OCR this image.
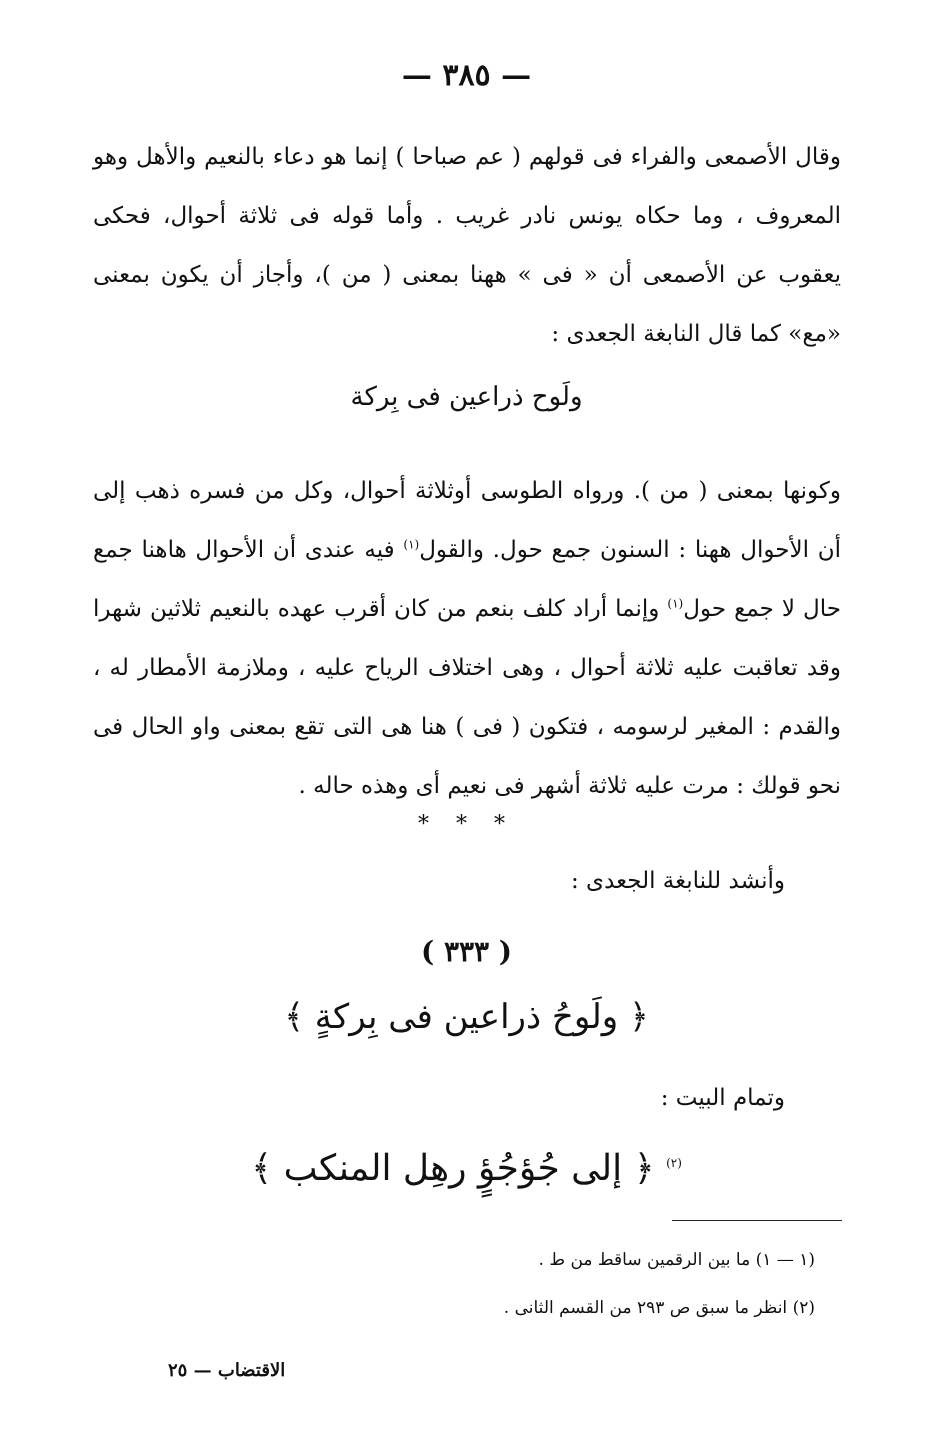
— ٣٨٥ —
وقال الأصمعى والفراء فى قولهم ( عم صباحا ) إنما هو دعاء بالنعيم والأهل وهو المعروف ، وما حكاه يونس نادر غريب . وأما قوله فى ثلاثة أحوال، فحكى يعقوب عن الأصمعى أن « فى » ههنا بمعنى ( من )، وأجاز أن يكون بمعنى «مع» كما قال النابغة الجعدى :
ولَوح ذراعين فى بِركة
وكونها بمعنى ( من ). ورواه الطوسى أوثلاثة أحوال، وكل من فسره ذهب إلى أن الأحوال ههنا : السنون جمع حول. والقول$^{(١)}$ فيه عندى أن الأحوال هاهنا جمع حال لا جمع حول$^{(١)}$ وإنما أراد كلف بنعم من كان أقرب عهده بالنعيم ثلاثين شهرا وقد تعاقبت عليه ثلاثة أحوال ، وهى اختلاف الرياح عليه ، وملازمة الأمطار له ، والقدم : المغير لرسومه ، فتكون ( فى ) هنا هى التى تقع بمعنى واو الحال فى نحو قولك : مرت عليه ثلاثة أشهر فى نعيم أى وهذه حاله .
* * *
وأنشد للنابغة الجعدى :
( ٣٣٣ )
﴿ ولَوحُ ذراعين فى بِركةٍ ﴾
وتمام البيت :
$^{(٢)}$ ﴿ إلى جُؤجُؤٍ رهِل المنكب ﴾
(١ — ١) ما بين الرقمين ساقط من ط .
(٢) انظر ما سبق ص ٢٩٣ من القسم الثانى .
الاقتضاب — ٢٥
